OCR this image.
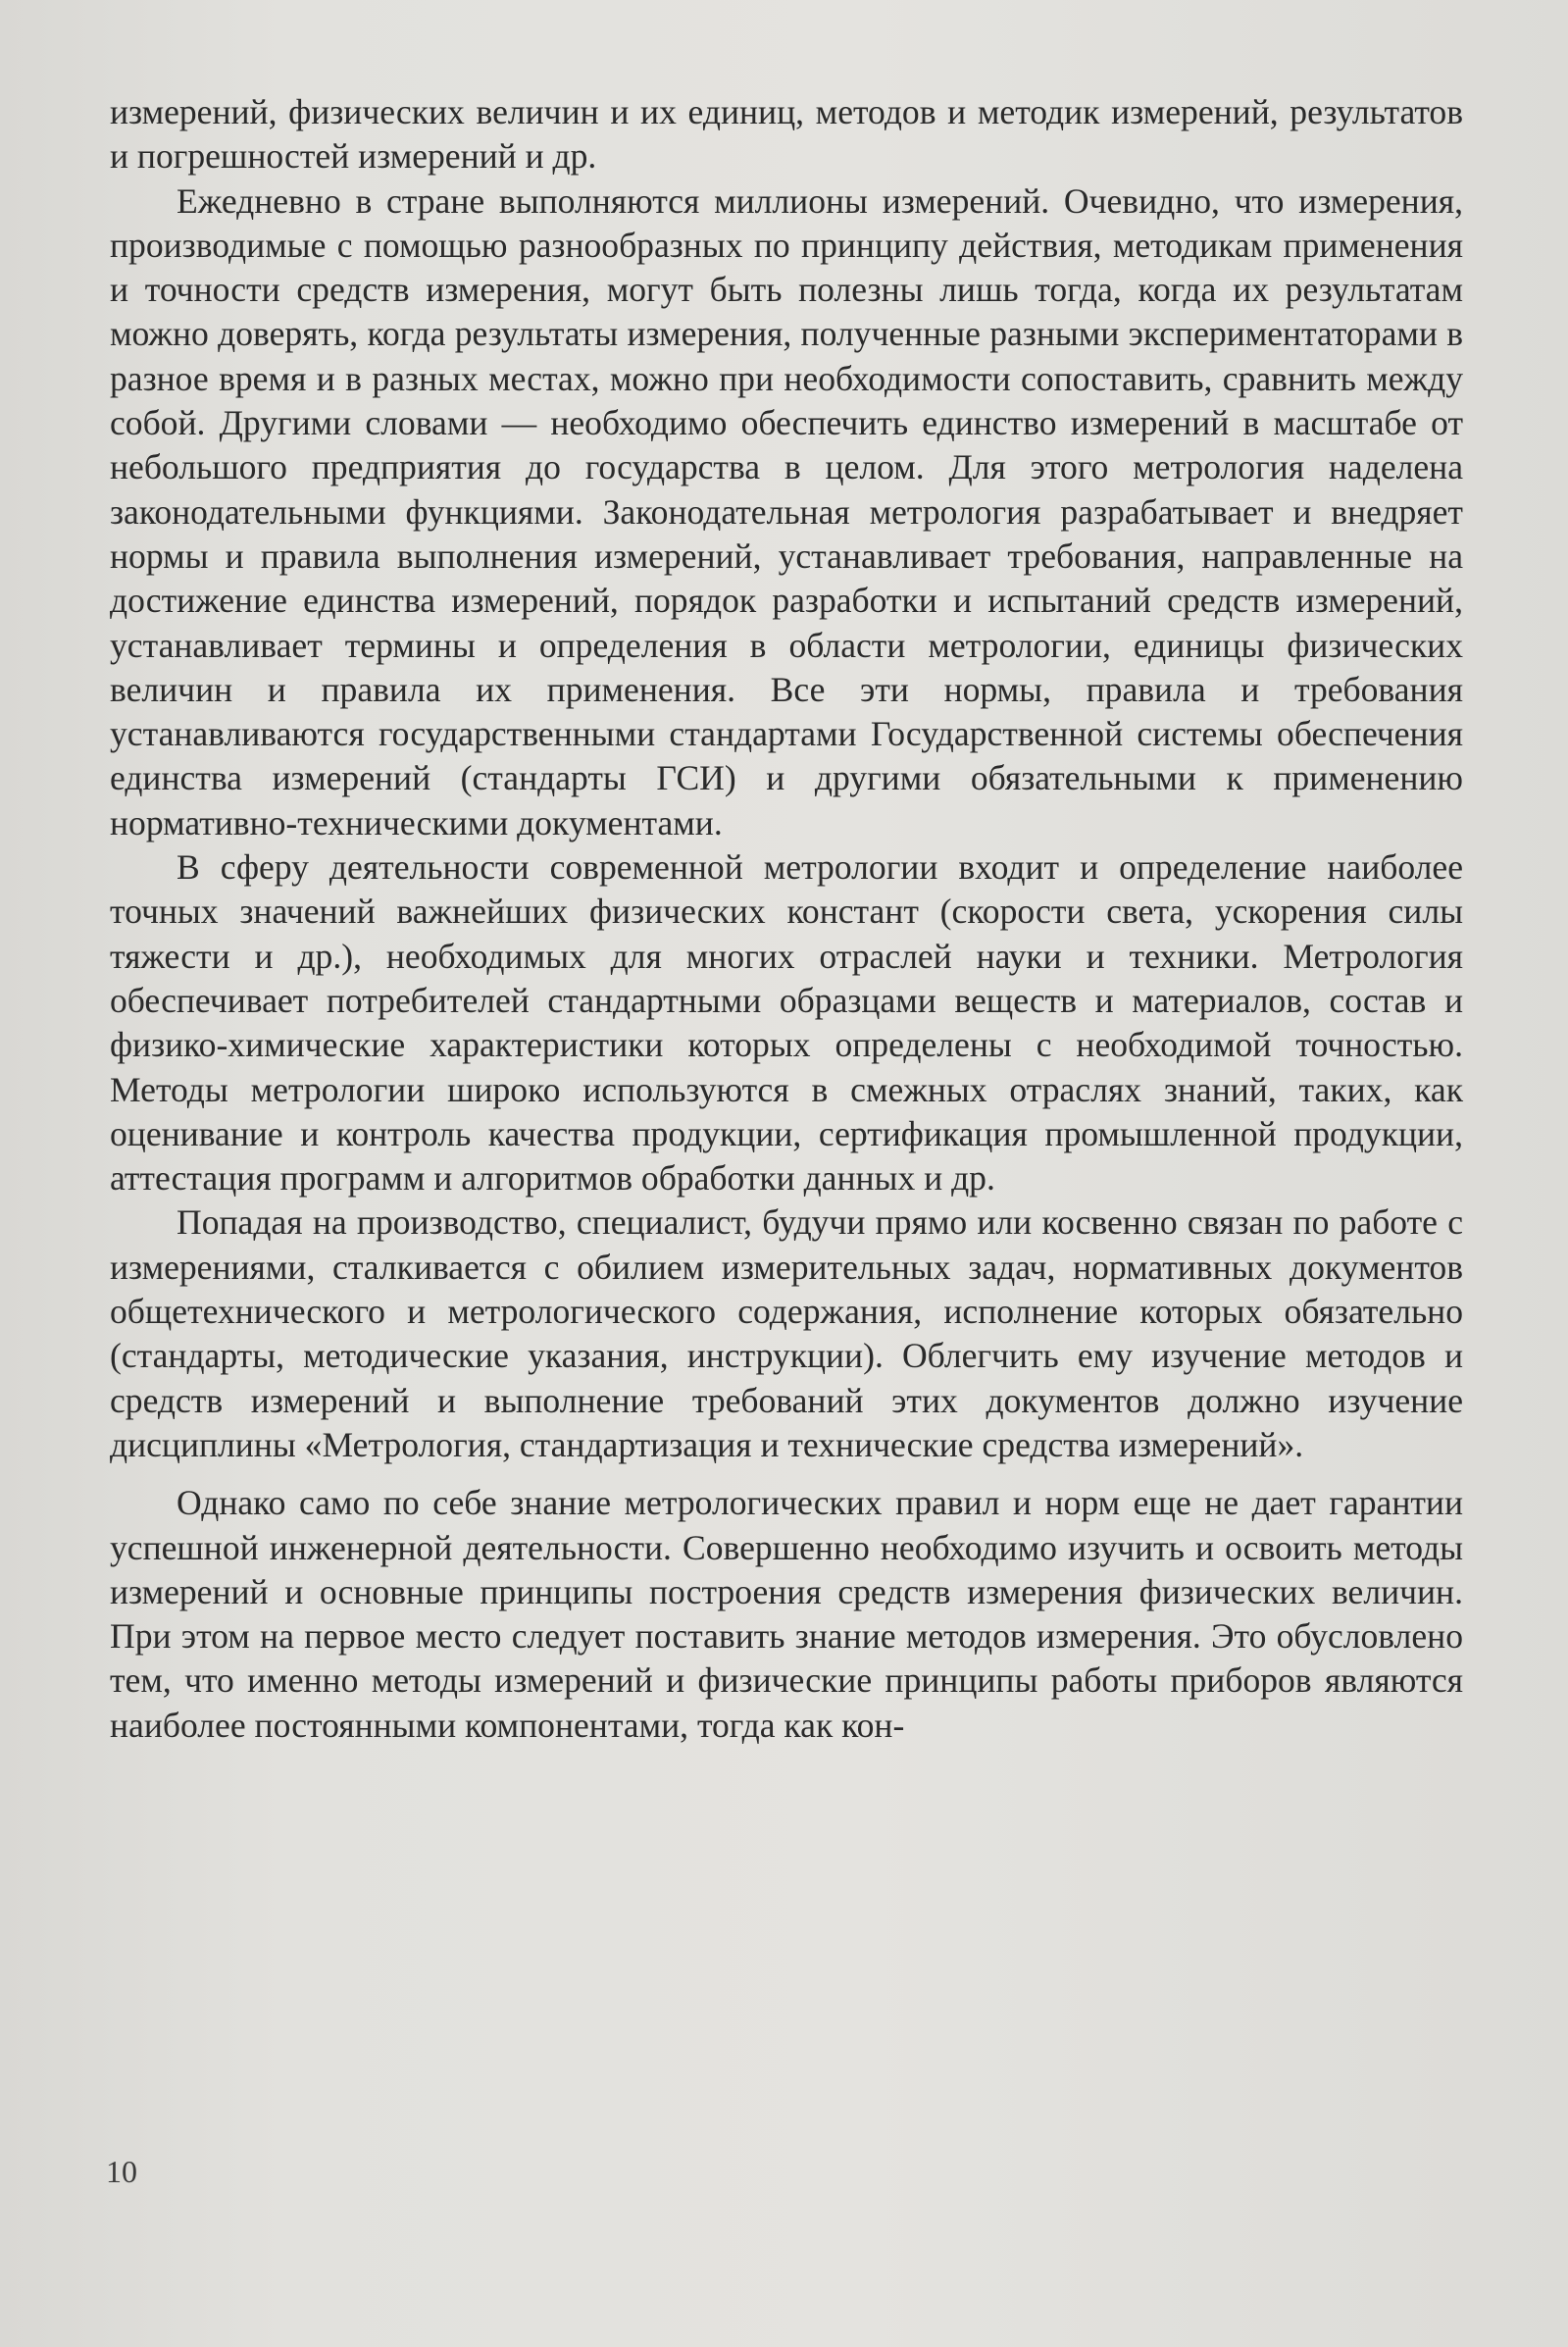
измерений, физических величин и их единиц, методов и методик измерений, результатов и погрешностей измерений и др.

Ежедневно в стране выполняются миллионы измерений. Очевидно, что измерения, производимые с помощью разнообразных по принципу действия, методикам применения и точности средств измерения, могут быть полезны лишь тогда, когда их результатам можно доверять, когда результаты измерения, полученные разными экспериментаторами в разное время и в разных местах, можно при необходимости сопоставить, сравнить между собой. Другими словами — необходимо обеспечить единство измерений в масштабе от небольшого предприятия до государства в целом. Для этого метрология наделена законодательными функциями. Законодательная метрология разрабатывает и внедряет нормы и правила выполнения измерений, устанавливает требования, направленные на достижение единства измерений, порядок разработки и испытаний средств измерений, устанавливает термины и определения в области метрологии, единицы физических величин и правила их применения. Все эти нормы, правила и требования устанавливаются государственными стандартами Государственной системы обеспечения единства измерений (стандарты ГСИ) и другими обязательными к применению нормативно-техническими документами.

В сферу деятельности современной метрологии входит и определение наиболее точных значений важнейших физических констант (скорости света, ускорения силы тяжести и др.), необходимых для многих отраслей науки и техники. Метрология обеспечивает потребителей стандартными образцами веществ и материалов, состав и физико-химические характеристики которых определены с необходимой точностью. Методы метрологии широко используются в смежных отраслях знаний, таких, как оценивание и контроль качества продукции, сертификация промышленной продукции, аттестация программ и алгоритмов обработки данных и др.

Попадая на производство, специалист, будучи прямо или косвенно связан по работе с измерениями, сталкивается с обилием измерительных задач, нормативных документов общетехнического и метрологического содержания, исполнение которых обязательно (стандарты, методические указания, инструкции). Облегчить ему изучение методов и средств измерений и выполнение требований этих документов должно изучение дисциплины «Метрология, стандартизация и технические средства измерений».

Однако само по себе знание метрологических правил и норм еще не дает гарантии успешной инженерной деятельности. Совершенно необходимо изучить и освоить методы измерений и основные принципы построения средств измерения физических величин. При этом на первое место следует поставить знание методов измерения. Это обусловлено тем, что именно методы измерений и физические принципы работы приборов являются наиболее постоянными компонентами, тогда как кон-

10
